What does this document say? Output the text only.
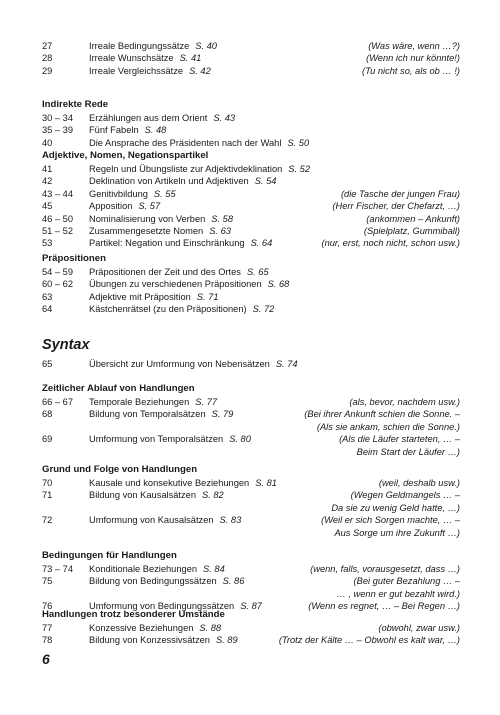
Syntax
6
27	Irreale Bedingungssätze S. 40	(Was wäre, wenn …?)
28	Irreale Wunschsätze S. 41	(Wenn ich nur könnte!)
29	Irreale Vergleichssätze S. 42	(Tu nicht so, als ob … !)
Indirekte Rede
30 – 34 Erzählungen aus dem Orient S. 43
35 – 39 Fünf Fabeln S. 48
40	Die Ansprache des Präsidenten nach der Wahl S. 50
Adjektive, Nomen, Negationspartikel
41	Regeln und Übungsliste zur Adjektivdeklination S. 52
42	Deklination von Artikeln und Adjektiven S. 54
43 – 44 Genitivbildung S. 55	(die Tasche der jungen Frau)
45	Apposition S. 57	(Herr Fischer, der Chefarzt, …)
46 – 50 Nominalisierung von Verben S. 58	(ankommen – Ankunft)
51 – 52 Zusammengesetzte Nomen S. 63	(Spielplatz, Gummiball)
53	Partikel: Negation und Einschränkung S. 64	(nur, erst, noch nicht, schon usw.)
Präpositionen
54 – 59 Präpositionen der Zeit und des Ortes S. 65
60 – 62 Übungen zu verschiedenen Präpositionen S. 68
63	Adjektive mit Präposition S. 71
64	Kästchenrätsel (zu den Präpositionen) S. 72
65	Übersicht zur Umformung von Nebensätzen S. 74
Zeitlicher Ablauf von Handlungen
66 – 67 Temporale Beziehungen S. 77	(als, bevor, nachdem usw.)
68	Bildung von Temporalsätzen S. 79	(Bei ihrer Ankunft schien die Sonne. –
(Als sie ankam, schien die Sonne.)
69	Umformung von Temporalsätzen S. 80	(Als die Läufer starteten, … –
Beim Start der Läufer …)
Grund und Folge von Handlungen
70	Kausale und konsekutive Beziehungen S. 81	(weil, deshalb usw.)
71	Bildung von Kausalsätzen S. 82	(Wegen Geldmangels … –
Da sie zu wenig Geld hatte, …)
72	Umformung von Kausalsätzen S. 83	(Weil er sich Sorgen machte, … –
Aus Sorge um ihre Zukunft …)
Bedingungen für Handlungen
73 – 74 Konditionale Beziehungen S. 84	(wenn, falls, vorausgesetzt, dass …)
75	Bildung von Bedingungssätzen S. 86	(Bei guter Bezahlung … –
… , wenn er gut bezahlt wird.)
76	Umformung von Bedingungssätzen S. 87	(Wenn es regnet, … – Bei Regen …)
Handlungen trotz besonderer Umstände
77	Konzessive Beziehungen S. 88	(obwohl, zwar usw.)
78	Bildung von Konzessivsätzen S. 89	(Trotz der Kälte … – Obwohl es kalt war, …)
